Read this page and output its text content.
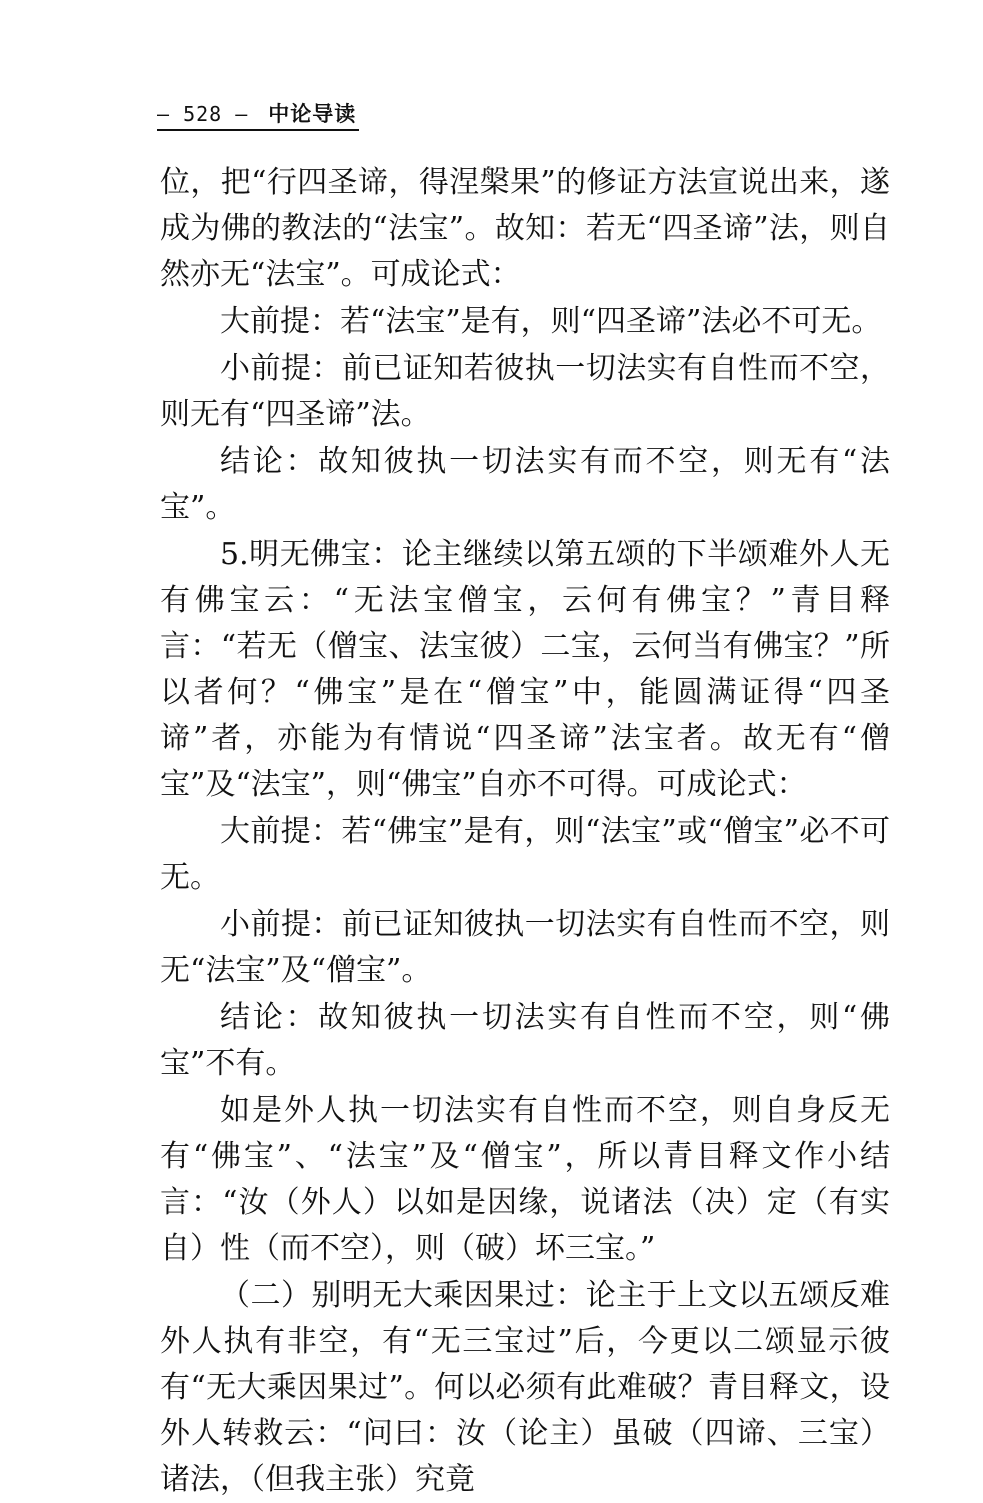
— 528 — 中论导读

位，把“行四圣谛，得涅槃果”的修证方法宣说出来，遂成为佛的教法的“法宝”。故知：若无“四圣谛”法，则自然亦无“法宝”。可成论式：

大前提：若“法宝”是有，则“四圣谛”法必不可无。

小前提：前已证知若彼执一切法实有自性而不空，则无有“四圣谛”法。

结论：故知彼执一切法实有而不空，则无有“法宝”。

5.明无佛宝：论主继续以第五颂的下半颂难外人无有佛宝云：“无法宝僧宝，云何有佛宝？”青目释言：“若无（僧宝、法宝彼）二宝，云何当有佛宝？”所以者何？“佛宝”是在“僧宝”中，能圆满证得“四圣谛”者，亦能为有情说“四圣谛”法宝者。故无有“僧宝”及“法宝”，则“佛宝”自亦不可得。可成论式：

大前提：若“佛宝”是有，则“法宝”或“僧宝”必不可无。

小前提：前已证知彼执一切法实有自性而不空，则无“法宝”及“僧宝”。

结论：故知彼执一切法实有自性而不空，则“佛宝”不有。

如是外人执一切法实有自性而不空，则自身反无有“佛宝”、“法宝”及“僧宝”，所以青目释文作小结言：“汝（外人）以如是因缘，说诸法（决）定（有实自）性（而不空），则（破）坏三宝。”

（二）别明无大乘因果过：论主于上文以五颂反难外人执有非空，有“无三宝过”后，今更以二颂显示彼有“无大乘因果过”。何以必须有此难破？青目释文，设外人转救云：“问曰：汝（论主）虽破（四谛、三宝）诸法，（但我主张）究竟
